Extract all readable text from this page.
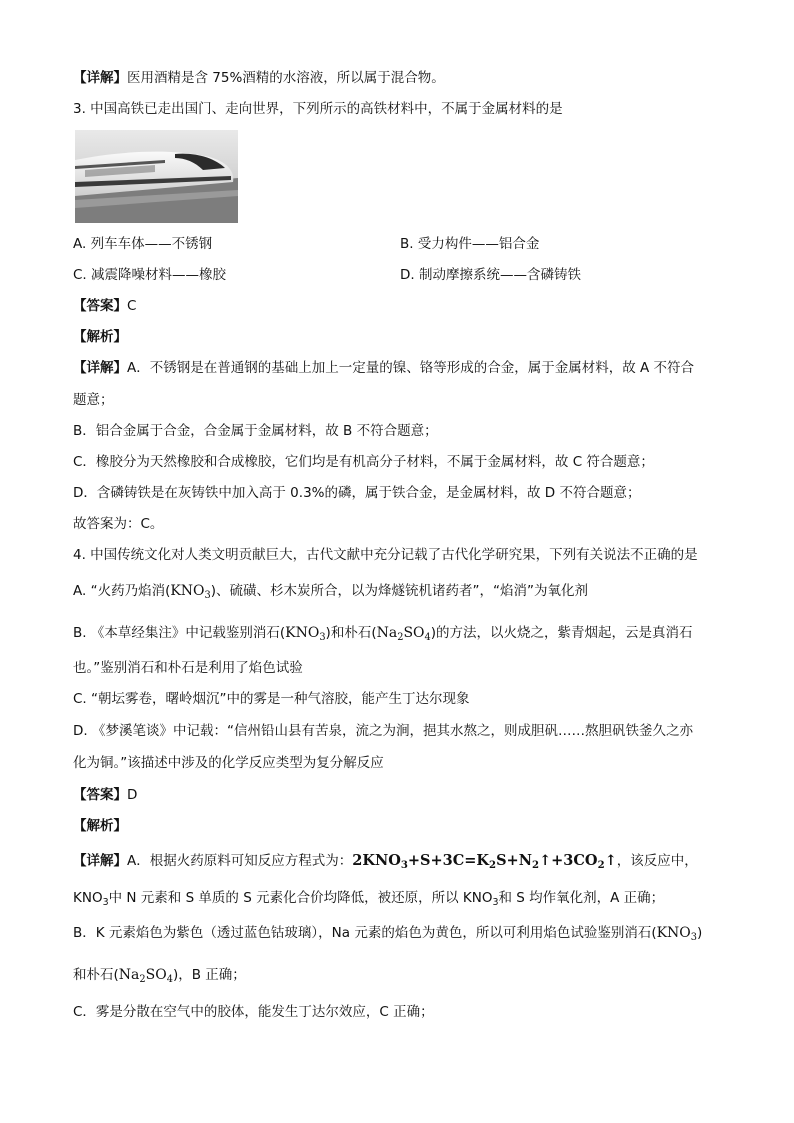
【详解】医用酒精是含 75%酒精的水溶液，所以属于混合物。
3. 中国高铁已走出国门、走向世界，下列所示的高铁材料中，不属于金属材料的是
A. 列车车体——不锈钢	B. 受力构件——铝合金
C. 减震降噪材料——橡胶	D. 制动摩擦系统——含磷铸铁
【答案】C
【解析】
【详解】A．不锈钢是在普通钢的基础上加上一定量的镍、铬等形成的合金，属于金属材料，故 A 不符合
题意；
B．铝合金属于合金，合金属于金属材料，故 B 不符合题意；
C．橡胶分为天然橡胶和合成橡胶，它们均是有机高分子材料，不属于金属材料，故 C 符合题意；
D．含磷铸铁是在灰铸铁中加入高于 0.3%的磷，属于铁合金，是金属材料，故 D 不符合题意；
故答案为：C。
4. 中国传统文化对人类文明贡献巨大，古代文献中充分记载了古代化学研究果，下列有关说法不正确的是
A. “火药乃焰消$(KNO_3)$、硫磺、杉木炭所合，以为烽燧铳机诸药者”，“焰消”为氧化剂
B. 《本草经集注》中记载鉴别消石$(KNO_3)$和朴石$(Na_2SO_4)$的方法，以火烧之，紫青烟起，云是真消石
也。”鉴别消石和朴石是利用了焰色试验
C. “朝坛雾卷，曙岭烟沉”中的雾是一种气溶胶，能产生丁达尔现象
D. 《梦溪笔谈》中记载：“信州铅山县有苦泉，流之为涧，挹其水熬之，则成胆矾……熬胆矾铁釜久之亦
化为铜。”该描述中涉及的化学反应类型为复分解反应
【答案】D
【解析】
【详解】A．根据火药原料可知反应方程式为：$2KNO_3+S+3C=K_2S+N_2↑+3CO_2↑$，该反应中，
$KNO_3$中 N 元素和 S 单质的 S 元素化合价均降低，被还原，所以 $KNO_3$和 S 均作氧化剂，A 正确；
B．K 元素焰色为紫色（透过蓝色钴玻璃），Na 元素的焰色为黄色，所以可利用焰色试验鉴别消石$(KNO_3)$
和朴石$(Na_2SO_4)$，B 正确；
C．雾是分散在空气中的胶体，能发生丁达尔效应，C 正确；
